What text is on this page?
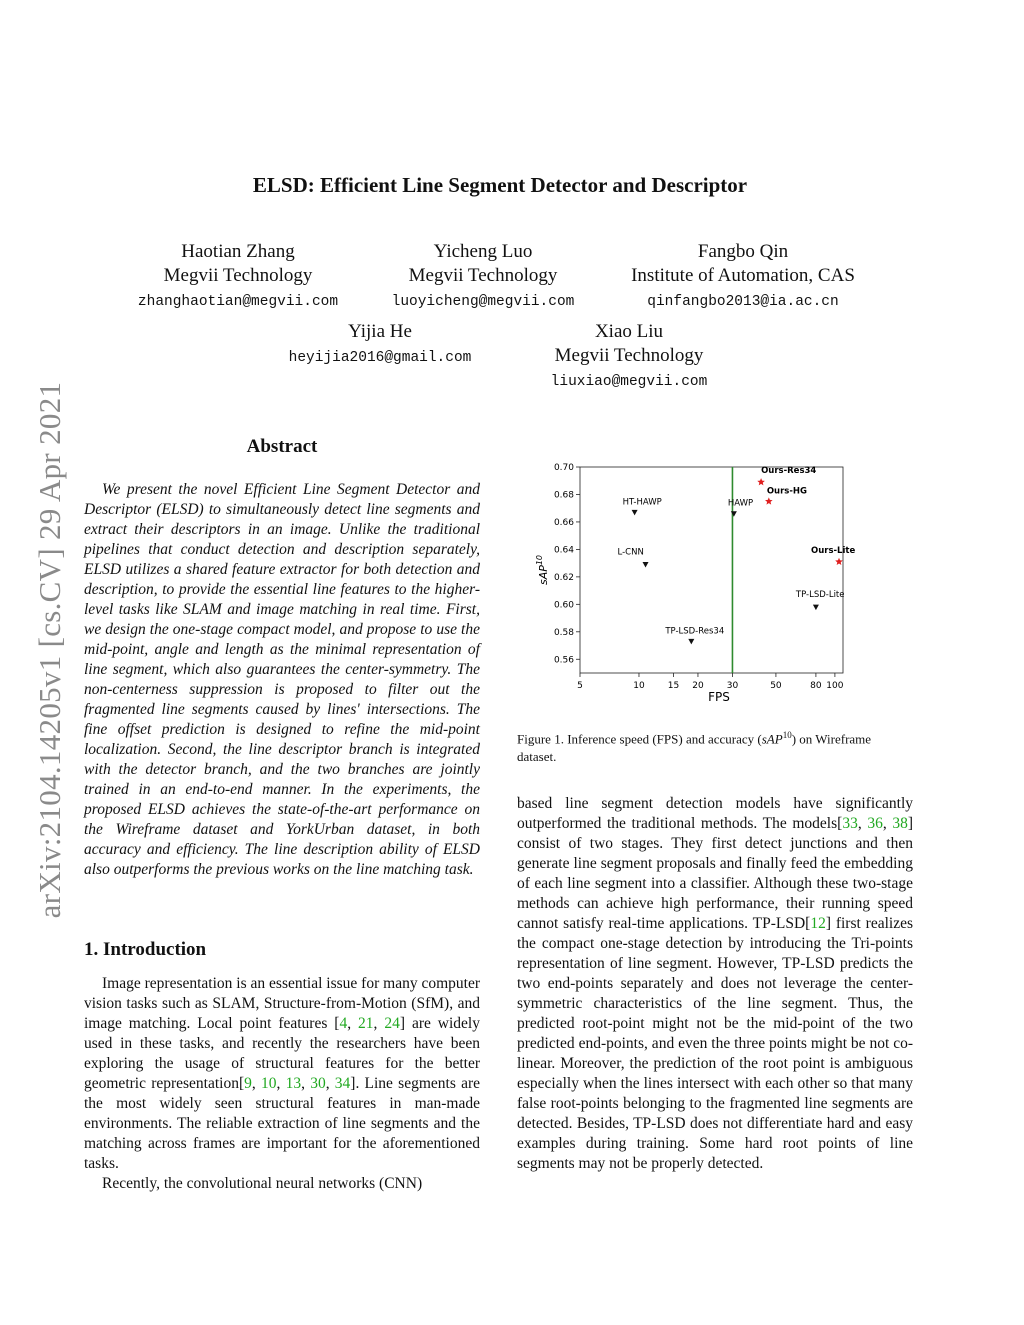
arXiv:2104.14205v1 [cs.CV] 29 Apr 2021
ELSD: Efficient Line Segment Detector and Descriptor
Haotian Zhang
Megvii Technology
zhanghaotian@megvii.com
Yicheng Luo
Megvii Technology
luoyicheng@megvii.com
Fangbo Qin
Institute of Automation, CAS
qinfangbo2013@ia.ac.cn
Yijia He
heyijia2016@gmail.com
Xiao Liu
Megvii Technology
liuxiao@megvii.com
Abstract

We present the novel Efficient Line Segment Detector and Descriptor (ELSD) to simultaneously detect line segments and extract their descriptors in an image. Unlike the traditional pipelines that conduct detection and description separately, ELSD utilizes a shared feature extractor for both detection and description, to provide the essential line features to the higher-level tasks like SLAM and image matching in real time. First, we design the one-stage compact model, and propose to use the mid-point, angle and length as the minimal representation of line segment, which also guarantees the center-symmetry. The non-centerness suppression is proposed to filter out the fragmented line segments caused by lines' intersections. The fine offset prediction is designed to refine the mid-point localization. Second, the line descriptor branch is integrated with the detector branch, and the two branches are jointly trained in an end-to-end manner. In the experiments, the proposed ELSD achieves the state-of-the-art performance on the Wireframe dataset and YorkUrban dataset, in both accuracy and efficiency. The line description ability of ELSD also outperforms the previous works on the line matching task.

1. Introduction

Image representation is an essential issue for many computer vision tasks such as SLAM, Structure-from-Motion (SfM), and image matching. Local point features [4, 21, 24] are widely used in these tasks, and recently the researchers have been exploring the usage of structural features for the better geometric representation[9, 10, 13, 30, 34]. Line segments are the most widely seen structural features in man-made environments. The reliable extraction of line segments and the matching across frames are important for the aforementioned tasks.

Recently, the convolutional neural networks (CNN)

0.56
0.58
0.60
0.62
0.64
0.66
0.68
0.70
5	10	15 20	30	50	80 100
HT-HAWP	HAWP
L-CNN
TP-LSD-Res34
TP-LSD-Lite
Ours-Res34
Ours-HG
Ours-Lite
FPS
sAP$^{10}$
Figure 1. Inference speed (FPS) and accuracy (sAP$^{10}$) on Wireframe dataset.

based line segment detection models have significantly outperformed the traditional methods. The models[33, 36, 38] consist of two stages. They first detect junctions and then generate line segment proposals and finally feed the embedding of each line segment into a classifier. Although these two-stage methods can achieve high performance, their running speed cannot satisfy real-time applications. TP-LSD[12] first realizes the compact one-stage detection by introducing the Tri-points representation of line segment. However, TP-LSD predicts the two end-points separately and does not leverage the center-symmetric characteristics of the line segment. Thus, the predicted root-point might not be the mid-point of the two predicted end-points, and even the three points might be not co-linear. Moreover, the prediction of the root point is ambiguous especially when the lines intersect with each other so that many false root-points belonging to the fragmented line segments are detected. Besides, TP-LSD does not differentiate hard and easy examples during training. Some hard root points of line segments may not be properly detected.
